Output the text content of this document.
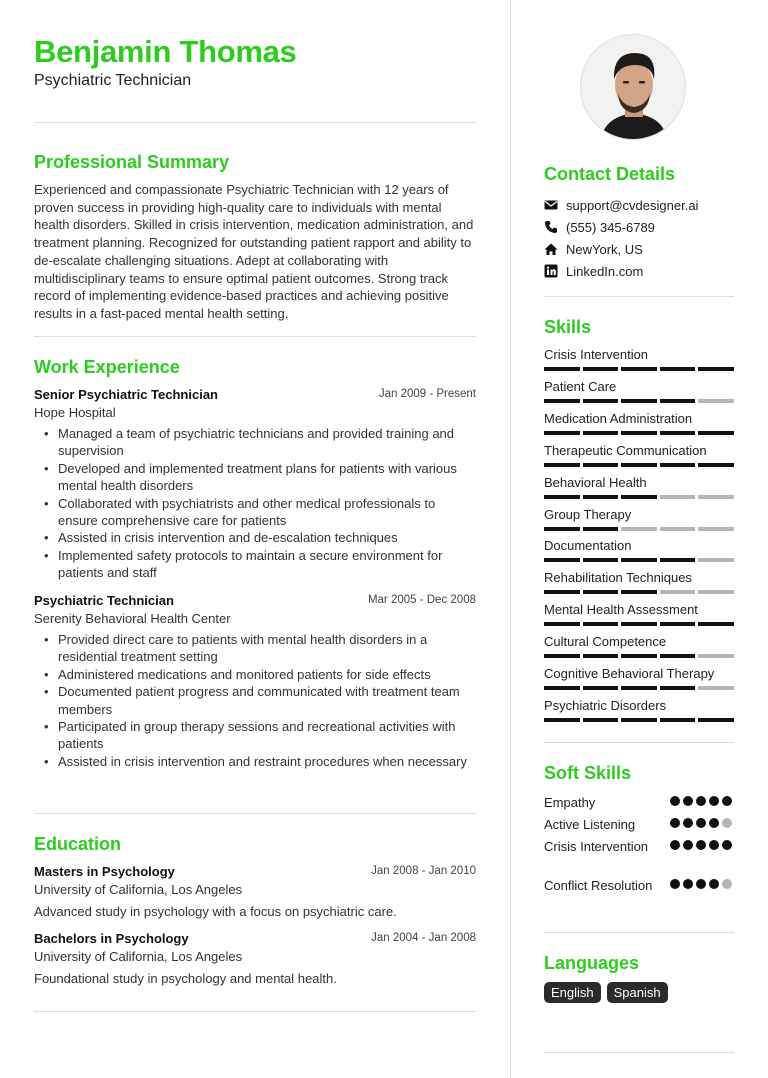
Benjamin Thomas
Psychiatric Technician
Professional Summary
Experienced and compassionate Psychiatric Technician with 12 years of proven success in providing high-quality care to individuals with mental health disorders. Skilled in crisis intervention, medication administration, and treatment planning. Recognized for outstanding patient rapport and ability to de-escalate challenging situations. Adept at collaborating with multidisciplinary teams to ensure optimal patient outcomes. Strong track record of implementing evidence-based practices and achieving positive results in a fast-paced mental health setting.
Work Experience
Senior Psychiatric Technician	Jan 2009 - Present
Hope Hospital
• Managed a team of psychiatric technicians and provided training and supervision
• Developed and implemented treatment plans for patients with various mental health disorders
• Collaborated with psychiatrists and other medical professionals to ensure comprehensive care for patients
• Assisted in crisis intervention and de-escalation techniques
• Implemented safety protocols to maintain a secure environment for patients and staff
Psychiatric Technician	Mar 2005 - Dec 2008
Serenity Behavioral Health Center
• Provided direct care to patients with mental health disorders in a residential treatment setting
• Administered medications and monitored patients for side effects
• Documented patient progress and communicated with treatment team members
• Participated in group therapy sessions and recreational activities with patients
• Assisted in crisis intervention and restraint procedures when necessary
Education
Masters in Psychology	Jan 2008 - Jan 2010
University of California, Los Angeles
Advanced study in psychology with a focus on psychiatric care.
Bachelors in Psychology	Jan 2004 - Jan 2008
University of California, Los Angeles
Foundational study in psychology and mental health.
Contact Details
support@cvdesigner.ai
(555) 345-6789
NewYork, US
LinkedIn.com
Skills
Crisis Intervention
Patient Care
Medication Administration
Therapeutic Communication
Behavioral Health
Group Therapy
Documentation
Rehabilitation Techniques
Mental Health Assessment
Cultural Competence
Cognitive Behavioral Therapy
Psychiatric Disorders
Soft Skills
Empathy
Active Listening
Crisis Intervention
Conflict Resolution
Languages
English	Spanish
